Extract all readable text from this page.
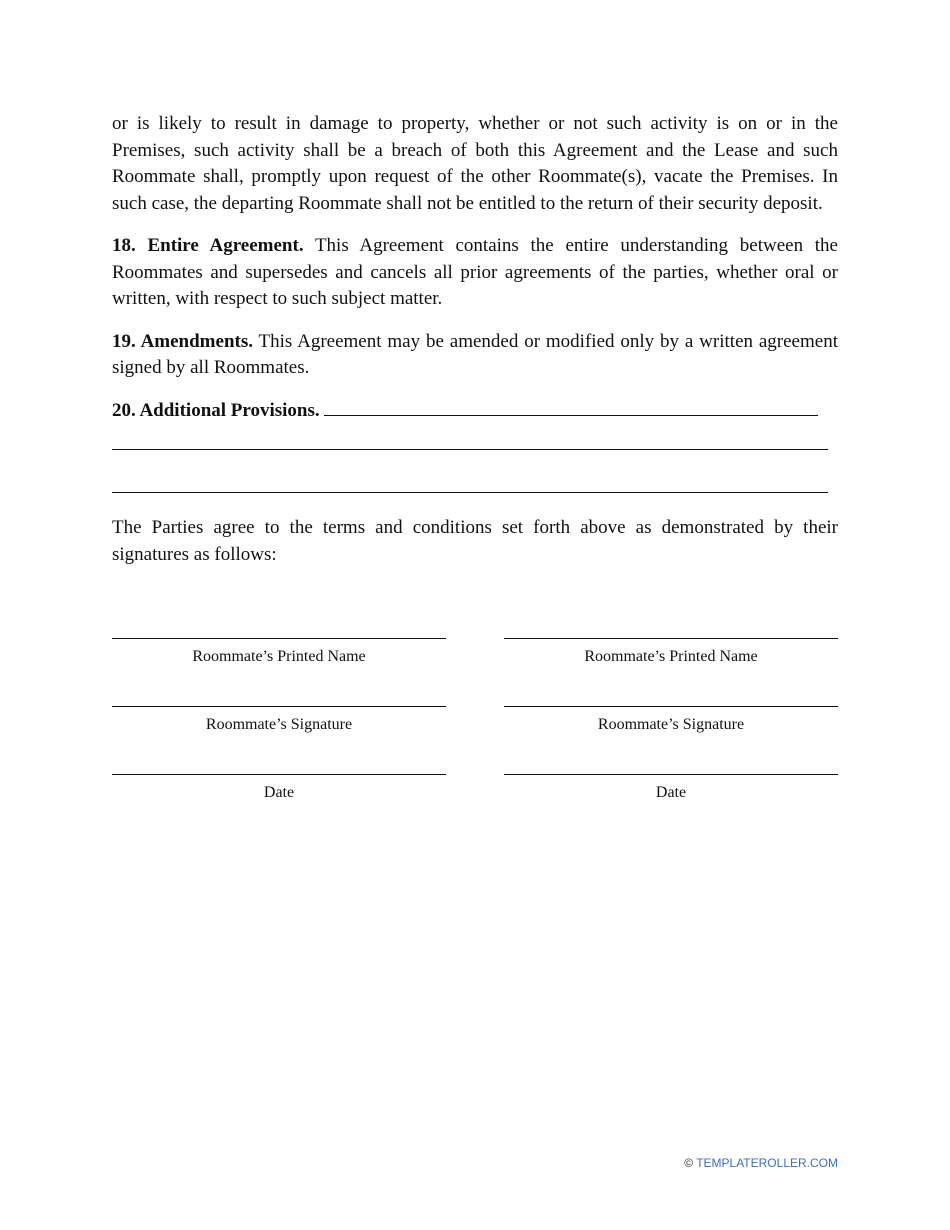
or is likely to result in damage to property, whether or not such activity is on or in the Premises, such activity shall be a breach of both this Agreement and the Lease and such Roommate shall, promptly upon request of the other Roommate(s), vacate the Premises. In such case, the departing Roommate shall not be entitled to the return of their security deposit.

18. Entire Agreement. This Agreement contains the entire understanding between the Roommates and supersedes and cancels all prior agreements of the parties, whether oral or written, with respect to such subject matter.

19. Amendments. This Agreement may be amended or modified only by a written agreement signed by all Roommates.

20. Additional Provisions.

The Parties agree to the terms and conditions set forth above as demonstrated by their signatures as follows:

Roommate’s Printed Name	Roommate’s Printed Name
Roommate’s Signature	Roommate’s Signature
Date	Date
© TEMPLATEROLLER.COM
